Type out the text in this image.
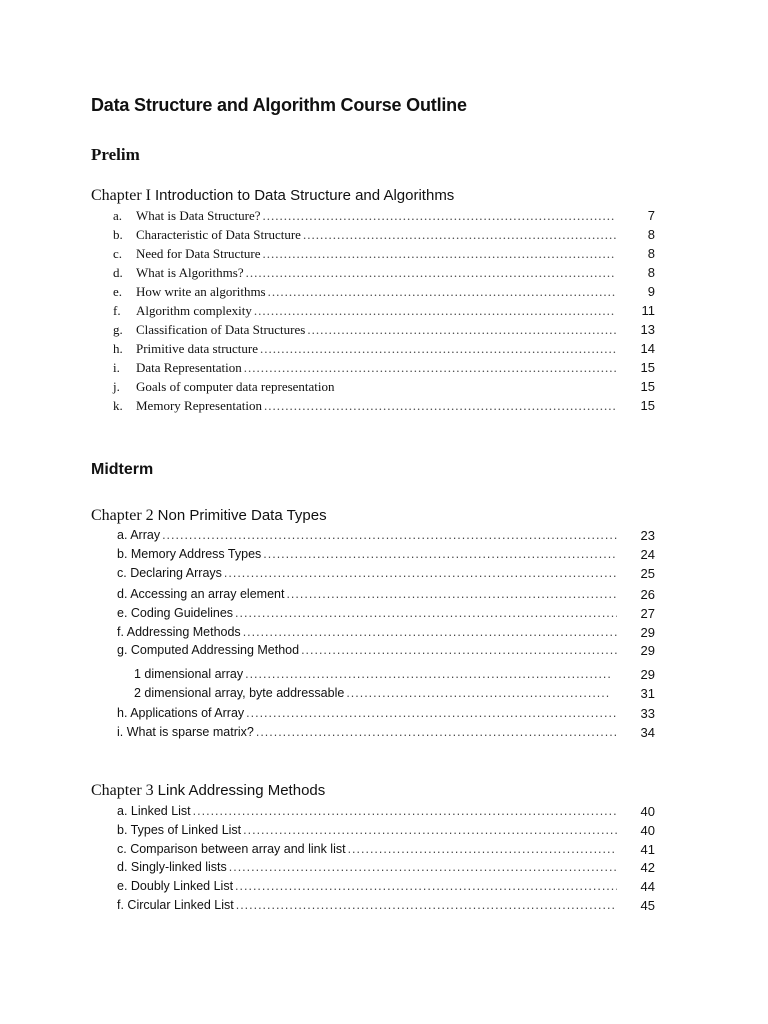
Data Structure and Algorithm Course Outline
Prelim
Chapter I Introduction to Data Structure and Algorithms
a. What is Data Structure? .....	7
b. Characteristic of Data Structure .....	8
c. Need for Data Structure .....	8
d. What is Algorithms? .....	8
e. How write an algorithms .....	9
f. Algorithm complexity .....	11
g. Classification of Data Structures .....	13
h. Primitive data structure .....	14
i. Data Representation .....	15
j. Goals of computer data representation	15
k. Memory Representation .....	15
Midterm
Chapter 2 Non Primitive Data Types
a. Array .....	23
b. Memory Address Types .....	24
c. Declaring Arrays .....	25
d. Accessing an array element .....	26
e. Coding Guidelines .....	27
f. Addressing Methods .....	29
g. Computed Addressing Method .....	29
1 dimensional array .....	29
2 dimensional array, byte addressable .....	31
h. Applications of Array .....	33
i. What is sparse matrix? .....	34
Chapter 3 Link Addressing Methods
a. Linked List .....	40
b. Types of Linked List .....	40
c. Comparison between array and link list .....	41
d. Singly-linked lists .....	42
e. Doubly Linked List .....	44
f. Circular Linked List .....	45
